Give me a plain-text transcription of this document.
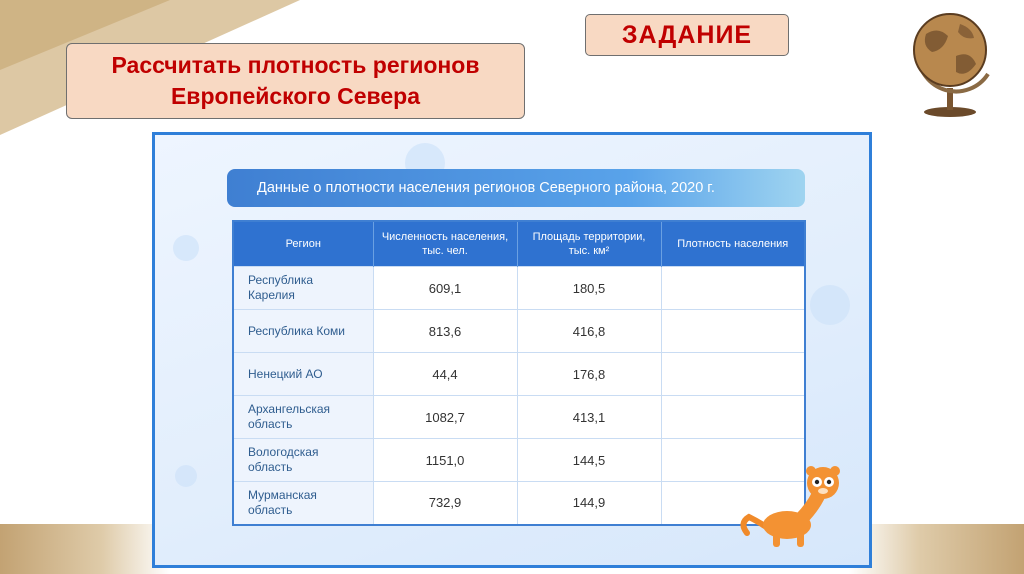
ЗАДАНИЕ
Рассчитать плотность регионов
Европейского Севера
Данные о плотности населения регионов Северного района, 2020 г.
Регион	Численность населения, тыс. чел.	Площадь территории, тыс. км²	Плотность населения
Республика Карелия	609,1	180,5	
Республика Коми	813,6	416,8	
Ненецкий АО	44,4	176,8	
Архангельская область	1082,7	413,1	
Вологодская область	1151,0	144,5	
Мурманская область	732,9	144,9	
